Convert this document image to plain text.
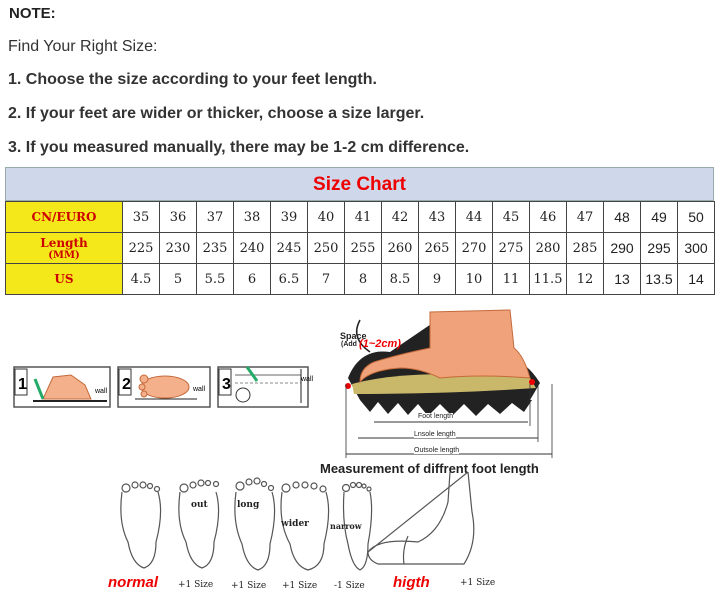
NOTE:
Find Your Right Size:
1. Choose the size according to your feet length.
2. If your feet are wider or thicker, choose a size larger.
3. If you measured manually, there may be 1-2 cm difference.
Size Chart
CN/EURO	35	36	37	38	39	40	41	42	43	44	45	46	47	48	49	50
Length
(MM)	225	230	235	240	245	250	255	260	265	270	275	280	285	290	295	300
US	4.5	5	5.5	6	6.5	7	8	8.5	9	10	11	11.5	12	13	13.5	14
1	wall 2	wall 3	wall
Space
(Add (1~2cm)
Foot length
Lnsole length
Outsole length
Measurement of diffrent foot length
out	long
wider	narrow
normal +1 Size +1 Size +1 Size -1 Size higth	+1 Size
